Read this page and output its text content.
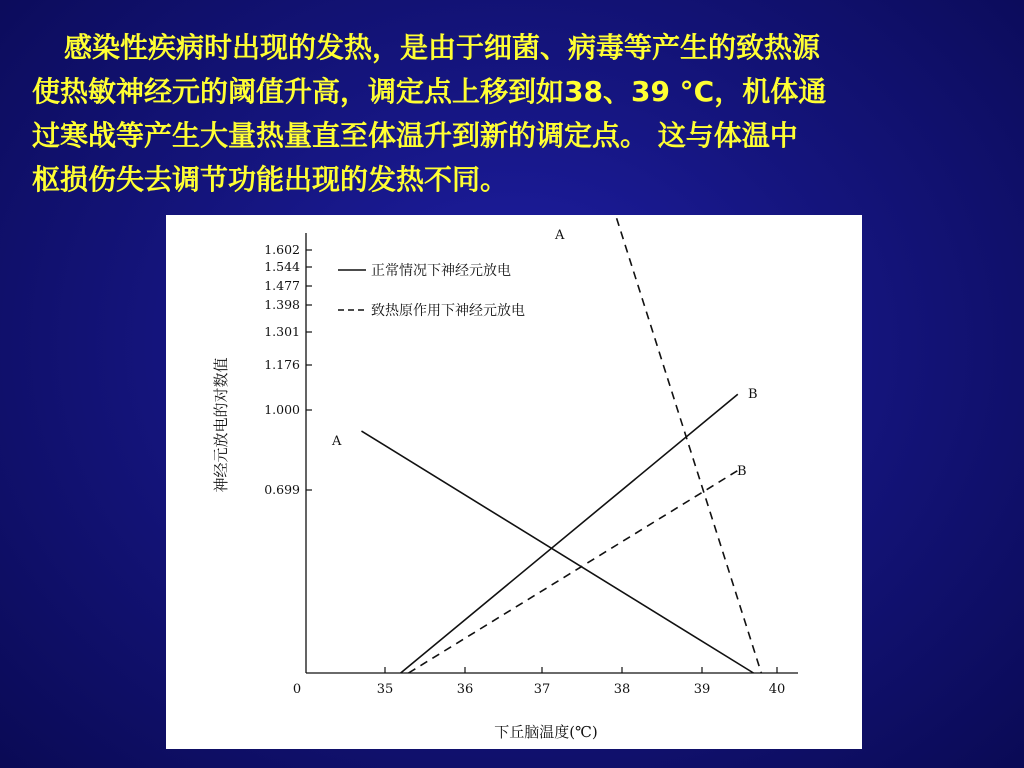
感染性疾病时出现的发热，是由于细菌、病毒等产生的致热源
使热敏神经元的阈值升高，调定点上移到如38、39 °C，机体通
过寒战等产生大量热量直至体温升到新的调定点。 这与体温中
枢损伤失去调节功能出现的发热不同。
0	35	36	37	38	39	40
1.602
1.544
1.477
1.398
1.301
1.176
1.000
0.699
下丘脑温度(℃)
神经元放电的对数值
正常情况下神经元放电
致热原作用下神经元放电
A
B
A
B
